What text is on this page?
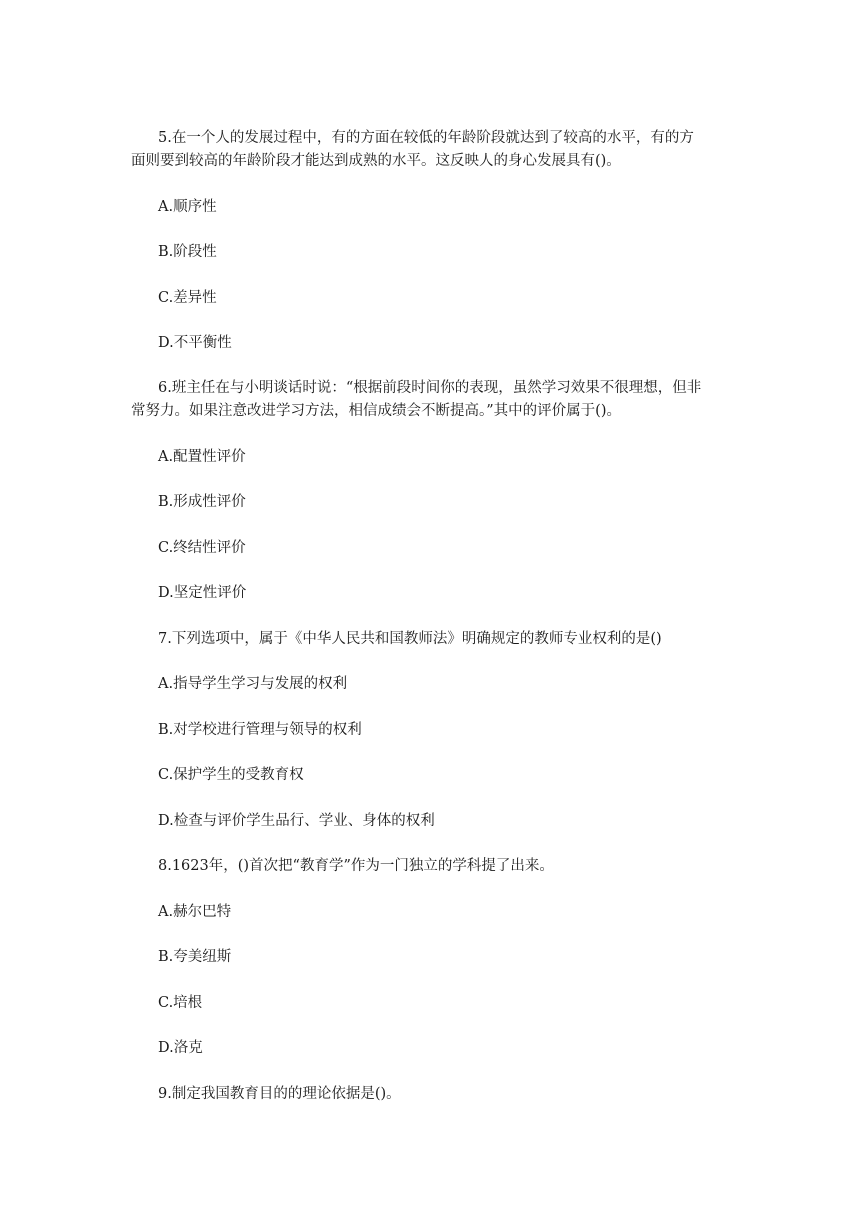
5.在一个人的发展过程中，有的方面在较低的年龄阶段就达到了较高的水平，有的方
面则要到较高的年龄阶段才能达到成熟的水平。这反映人的身心发展具有()。
A.顺序性
B.阶段性
C.差异性
D.不平衡性
6.班主任在与小明谈话时说：“根据前段时间你的表现，虽然学习效果不很理想，但非
常努力。如果注意改进学习方法，相信成绩会不断提高。”其中的评价属于()。
A.配置性评价
B.形成性评价
C.终结性评价
D.坚定性评价
7.下列选项中，属于《中华人民共和国教师法》明确规定的教师专业权利的是()
A.指导学生学习与发展的权利
B.对学校进行管理与领导的权利
C.保护学生的受教育权
D.检查与评价学生品行、学业、身体的权利
8.1623年，()首次把“教育学”作为一门独立的学科提了出来。
A.赫尔巴特
B.夸美纽斯
C.培根
D.洛克
9.制定我国教育目的的理论依据是()。
